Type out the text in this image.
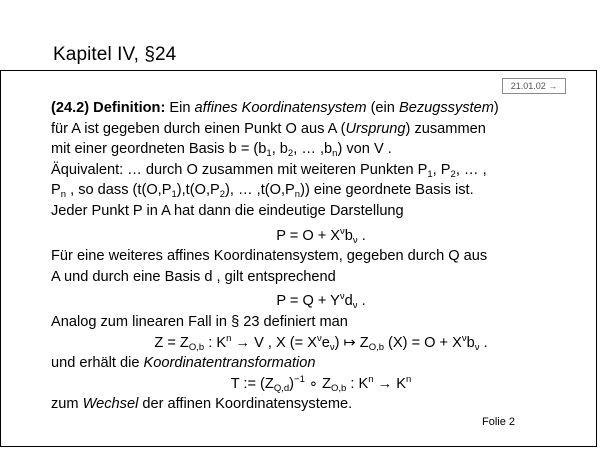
Kapitel IV, §24
21.01.02 →
(24.2) Definition: Ein affines Koordinatensystem (ein Bezugssystem)
für A ist gegeben durch einen Punkt O aus A (Ursprung) zusammen
mit einer geordneten Basis $b = (b_1$, $b_2$, … $,b_n$) von V .
Äquivalent: … durch O zusammen mit weiteren Punkten $P_1$, $P_2$, … ,
$P_n$ , so dass ($t(O,P_1),t(O,P_2)$, … $,t(O,P_n)$) eine geordnete Basis ist.
Jeder Punkt P in A hat dann die eindeutige Darstellung
$P = O + X^\nu b_\nu$ .
Für eine weiteres affines Koordinatensystem, gegeben durch Q aus
A und durch eine Basis d , gilt entsprechend
$P = Q + Y^\nu d_\nu$ .
Analog zum linearen Fall in § 23 definiert man
$Z = Z_{O,b}$ : $K^n \to V$ , X (= $X^\nu e_\nu$) ↦ $Z_{O,b}$ $(X) = O + X^\nu b_\nu$ .
und erhält die Koordinatentransformation
T := $(Z_{Q,d})^{-1}$ ∘ $Z_{O,b}$ : $K^n \to K^n$
zum Wechsel der affinen Koordinatensysteme.
Folie 2
